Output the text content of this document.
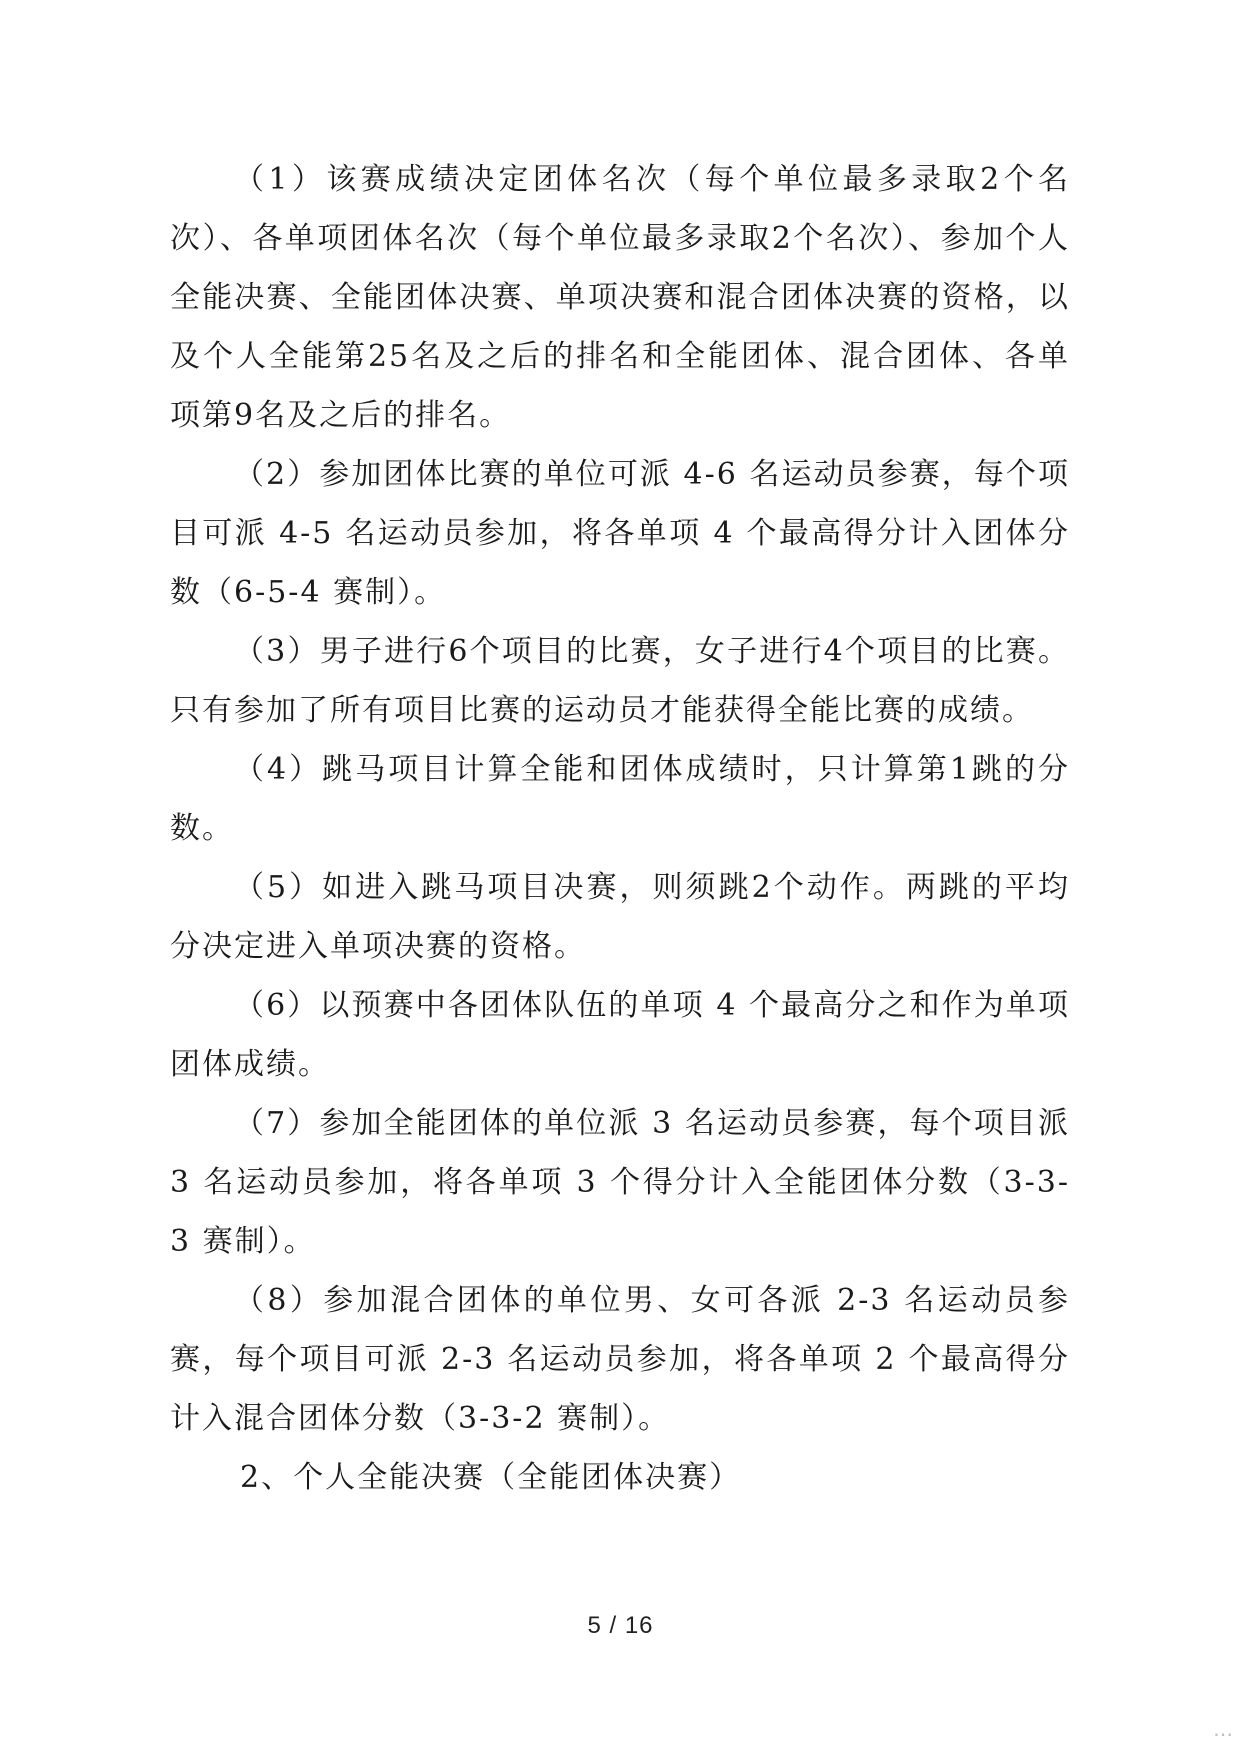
（1）该赛成绩决定团体名次（每个单位最多录取2个名次）、各单项团体名次（每个单位最多录取2个名次）、参加个人全能决赛、全能团体决赛、单项决赛和混合团体决赛的资格，以及个人全能第25名及之后的排名和全能团体、混合团体、各单项第9名及之后的排名。

（2）参加团体比赛的单位可派 4-6 名运动员参赛，每个项目可派 4-5 名运动员参加，将各单项 4 个最高得分计入团体分数（6-5-4 赛制）。

（3）男子进行6个项目的比赛，女子进行4个项目的比赛。只有参加了所有项目比赛的运动员才能获得全能比赛的成绩。

（4）跳马项目计算全能和团体成绩时，只计算第1跳的分数。

（5）如进入跳马项目决赛，则须跳2个动作。两跳的平均分决定进入单项决赛的资格。

（6）以预赛中各团体队伍的单项 4 个最高分之和作为单项团体成绩。

（7）参加全能团体的单位派 3 名运动员参赛，每个项目派 3 名运动员参加，将各单项 3 个得分计入全能团体分数（3-3-3 赛制）。

（8）参加混合团体的单位男、女可各派 2-3 名运动员参赛，每个项目可派 2-3 名运动员参加，将各单项 2 个最高得分计入混合团体分数（3-3-2 赛制）。

2、个人全能决赛（全能团体决赛）

5 / 16
⋯
